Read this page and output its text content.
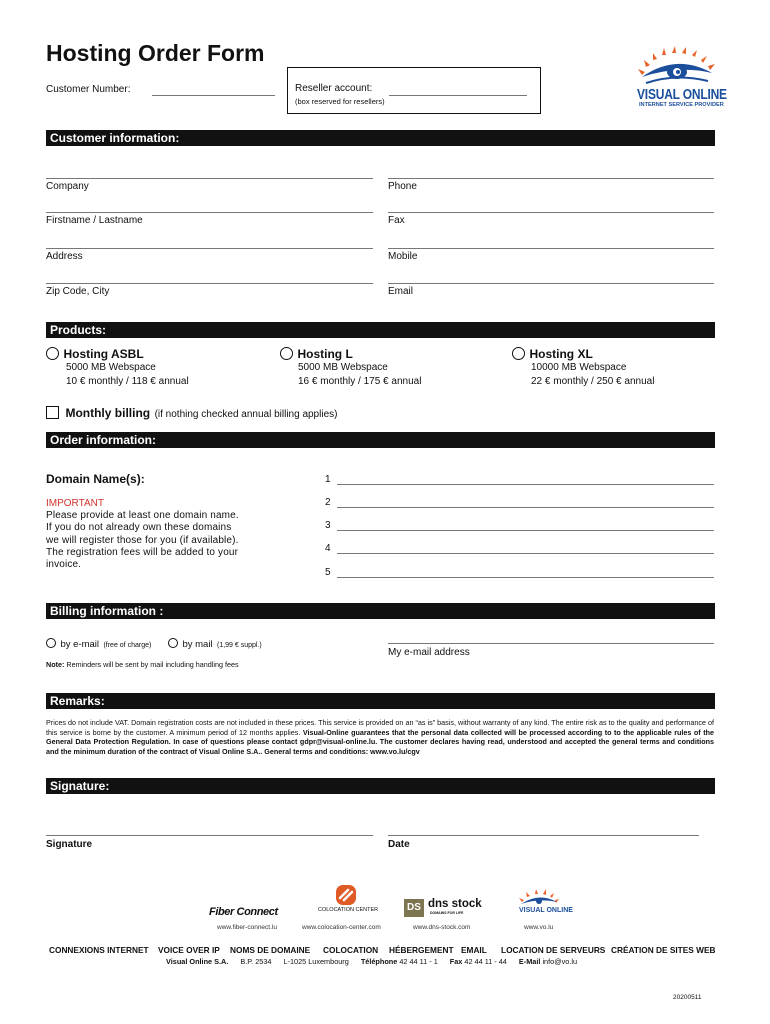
Hosting Order Form
Customer Number:	Reseller account:
(box reserved for resellers)	VISUAL ONLINE
INTERNET SERVICE PROVIDER
Customer information:
Company	Phone
Firstname / Lastname	Fax
Address	Mobile
Zip Code, City	Email
Products:
Hosting ASBL
5000 MB Webspace
10 € monthly / 118 € annual
Hosting L
5000 MB Webspace
16 € monthly / 175 € annual
Hosting XL
10000 MB Webspace
22 € monthly / 250 € annual
Monthly billing (if nothing checked annual billing applies)
Order information:
Domain Name(s):
IMPORTANT
Please provide at least one domain name.
If you do not already own these domains
we will register those for you (if available).
The registration fees will be added to your
invoice.
1
2
3
4
5
Billing information :
by e-mail (free of charge)	by mail (1,99 € suppl.)
My e-mail address
Note: Reminders will be sent by mail including handling fees
Remarks:
Prices do not include VAT. Domain registration costs are not included in these prices. This service is provided on an “as is” basis, without warranty of any kind. The entire risk as to the quality and performance of this service is borne by the customer. A minimum period of 12 months applies. Visual-Online guarantees that the personal data collected will be processed according to to the applicable rules of the General Data Protection Regulation. In case of questions please contact gdpr@visual-online.lu. The customer declares having read, understood and accepted the general terms and conditions and the minimum duration of the contract of Visual Online S.A.. General terms and conditions: www.vo.lu/cgv
Signature:
Signature	Date
Fiber Connect
www.fiber-connect.lu
COLOCATION CENTER
www.colocation-center.com
DS dns stock
DOMAINS FOR LIFE
www.dns-stock.com
VISUAL ONLINE
www.vo.lu
CONNEXIONS INTERNET VOICE OVER IP NOMS DE DOMAINE COLOCATION HÉBERGEMENT EMAIL LOCATION DE SERVEURS CRÉATION DE SITES WEB
Visual Online S.A. B.P. 2534 L-1025 Luxembourg Téléphone 42 44 11 - 1 Fax 42 44 11 - 44 E-Mail info@vo.lu
20200511
